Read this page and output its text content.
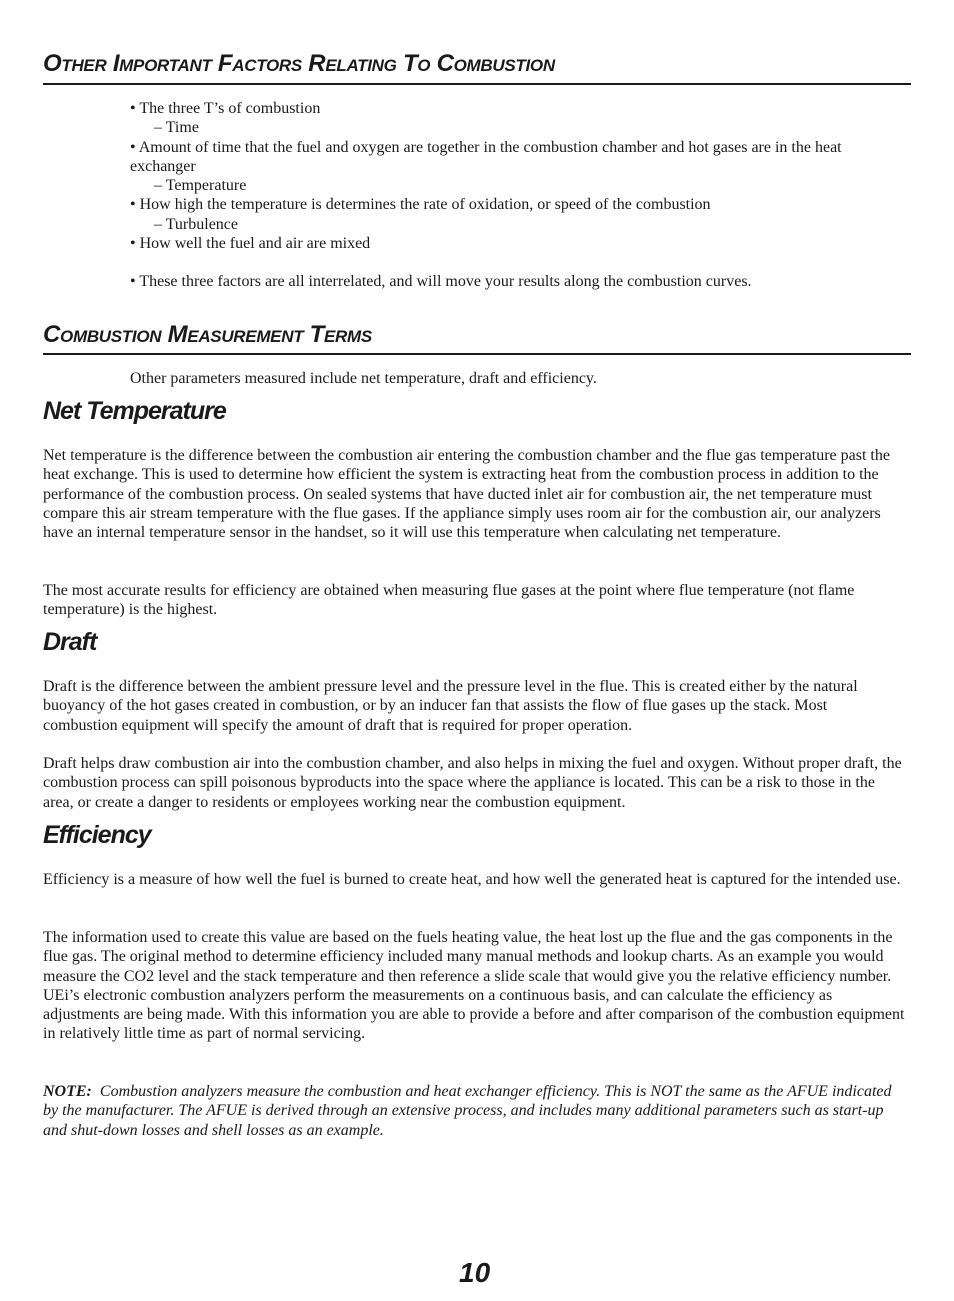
Other Important Factors Relating To Combustion

• The three T’s of combustion

– Time

• Amount of time that the fuel and oxygen are together in the combustion chamber and hot gases are in the heat exchanger

– Temperature

• How high the temperature is determines the rate of oxidation, or speed of the combustion

– Turbulence

• How well the fuel and air are mixed

• These three factors are all interrelated, and will move your results along the combustion curves.

Combustion Measurement Terms
Other parameters measured include net temperature, draft and efficiency.
Net Temperature

Net temperature is the difference between the combustion air entering the combustion chamber and the flue gas temperature past the heat exchange. This is used to determine how efficient the system is extracting heat from the combustion process in addition to the performance of the combustion process. On sealed systems that have ducted inlet air for combustion air, the net temperature must compare this air stream temperature with the flue gases. If the appliance simply uses room air for the combustion air, our analyzers have an internal temperature sensor in the handset, so it will use this temperature when calculating net temperature.

The most accurate results for efficiency are obtained when measuring flue gases at the point where flue temperature (not flame temperature) is the highest.

Draft

Draft is the difference between the ambient pressure level and the pressure level in the flue. This is created either by the natural buoyancy of the hot gases created in combustion, or by an inducer fan that assists the flow of flue gases up the stack. Most combustion equipment will specify the amount of draft that is required for proper operation.

Draft helps draw combustion air into the combustion chamber, and also helps in mixing the fuel and oxygen. Without proper draft, the combustion process can spill poisonous byproducts into the space where the appliance is located. This can be a risk to those in the area, or create a danger to residents or employees working near the combustion equipment.

Efficiency

Efficiency is a measure of how well the fuel is burned to create heat, and how well the generated heat is captured for the intended use.

The information used to create this value are based on the fuels heating value, the heat lost up the flue and the gas components in the flue gas. The original method to determine efficiency included many manual methods and lookup charts. As an example you would measure the CO2 level and the stack temperature and then reference a slide scale that would give you the relative efficiency number. UEi’s electronic combustion analyzers perform the measurements on a continuous basis, and can calculate the efficiency as adjustments are being made. With this information you are able to provide a before and after comparison of the combustion equipment in relatively little time as part of normal servicing.

NOTE: Combustion analyzers measure the combustion and heat exchanger efficiency. This is NOT the same as the AFUE indicated by the manufacturer. The AFUE is derived through an extensive process, and includes many additional parameters such as start-up and shut-down losses and shell losses as an example.

10
